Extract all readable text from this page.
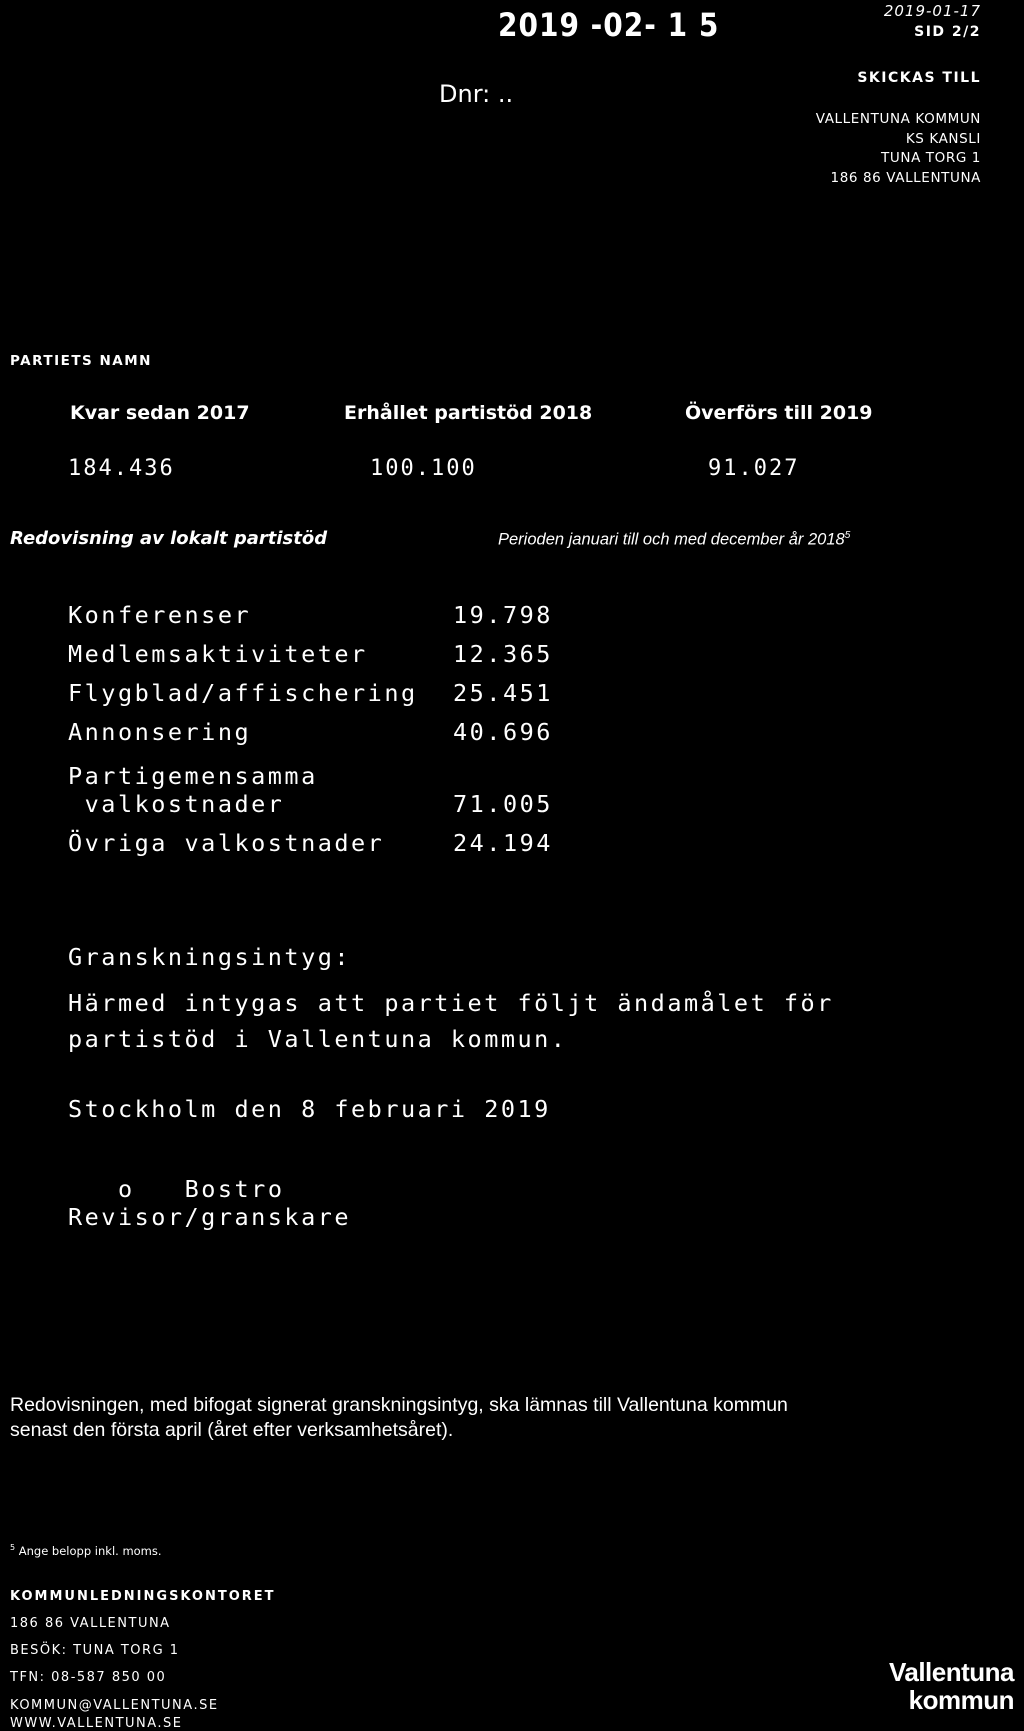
2019 -02- 1 5
Dnr: ..
2019-01-17
SID 2/2
SKICKAS TILL
VALLENTUNA KOMMUN
KS KANSLI
TUNA TORG 1
186 86 VALLENTUNA
PARTIETS NAMN
Kvar sedan 2017	Erhållet partistöd 2018	Överförs till 2019
184.436	100.100	91.027
Redovisning av lokalt partistöd	Perioden januari till och med december år 2018$^5$
Konferenser	19.798
Medlemsaktiviteter	12.365
Flygblad/affischering 25.451
Annonsering	40.696
Partigemensamma
valkostnader	71.005
Övriga valkostnader	24.194
Granskningsintyg:
Härmed intygas att partiet följt ändamålet för
partistöd i Vallentuna kommun.
Stockholm den 8 februari 2019
o   Bostro
Revisor/granskare
Redovisningen, med bifogat signerat granskningsintyg, ska lämnas till Vallentuna kommun
senast den första april (året efter verksamhetsåret).
$^5$ Ange belopp inkl. moms.
KOMMUNLEDNINGSKONTORET
186 86 VALLENTUNA
BESÖK: TUNA TORG 1
TFN: 08-587 850 00
KOMMUN@VALLENTUNA.SE
WWW.VALLENTUNA.SE
Vallentuna
kommun
